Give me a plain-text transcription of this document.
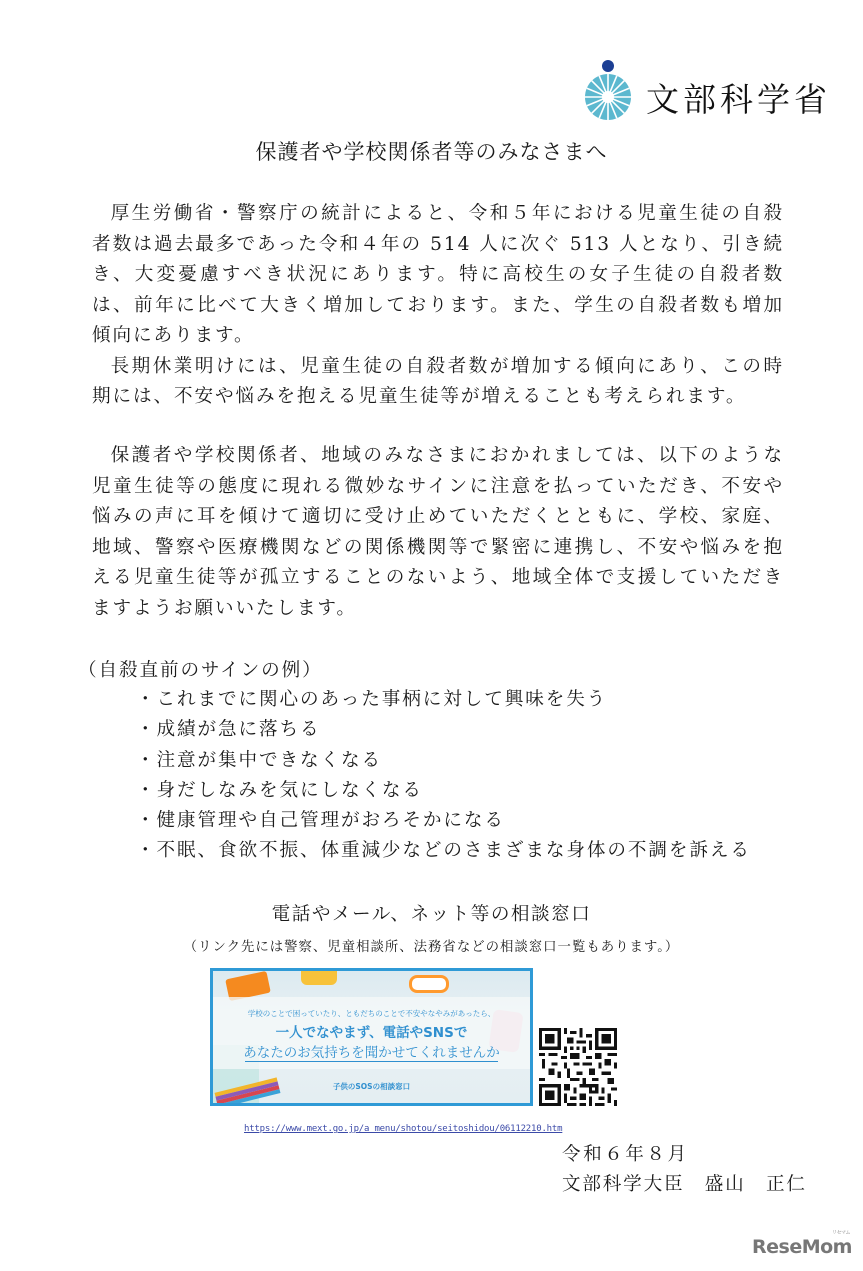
文部科学省
保護者や学校関係者等のみなさまへ

厚生労働省・警察庁の統計によると、令和５年における児童生徒の自殺者数は過去最多であった令和４年の 514 人に次ぐ 513 人となり、引き続き、大変憂慮すべき状況にあります。特に高校生の女子生徒の自殺者数は、前年に比べて大きく増加しております。また、学生の自殺者数も増加傾向にあります。

長期休業明けには、児童生徒の自殺者数が増加する傾向にあり、この時期には、不安や悩みを抱える児童生徒等が増えることも考えられます。

保護者や学校関係者、地域のみなさまにおかれましては、以下のような児童生徒等の態度に現れる微妙なサインに注意を払っていただき、不安や悩みの声に耳を傾けて適切に受け止めていただくとともに、学校、家庭、地域、警察や医療機関などの関係機関等で緊密に連携し、不安や悩みを抱える児童生徒等が孤立することのないよう、地域全体で支援していただきますようお願いいたします。

（自殺直前のサインの例）
・ これまでに関心のあった事柄に対して興味を失う
・ 成績が急に落ちる
・ 注意が集中できなくなる
・ 身だしなみを気にしなくなる
・ 健康管理や自己管理がおろそかになる
・ 不眠、食欲不振、体重減少などのさまざまな身体の不調を訴える
電話やメール、ネット等の相談窓口
（リンク先には警察、児童相談所、法務省などの相談窓口一覧もあります。）
学校のことで困っていたり、ともだちのことで不安やなやみがあったら、
一人でなやまず、電話やSNSで
あなたのお気持ちを聞かせてくれませんか
子供のSOSの相談窓口
https://www.mext.go.jp/a_menu/shotou/seitoshidou/06112210.htm
令和６年８月
文部科学大臣　盛山　正仁
ReseMom
リセマム
